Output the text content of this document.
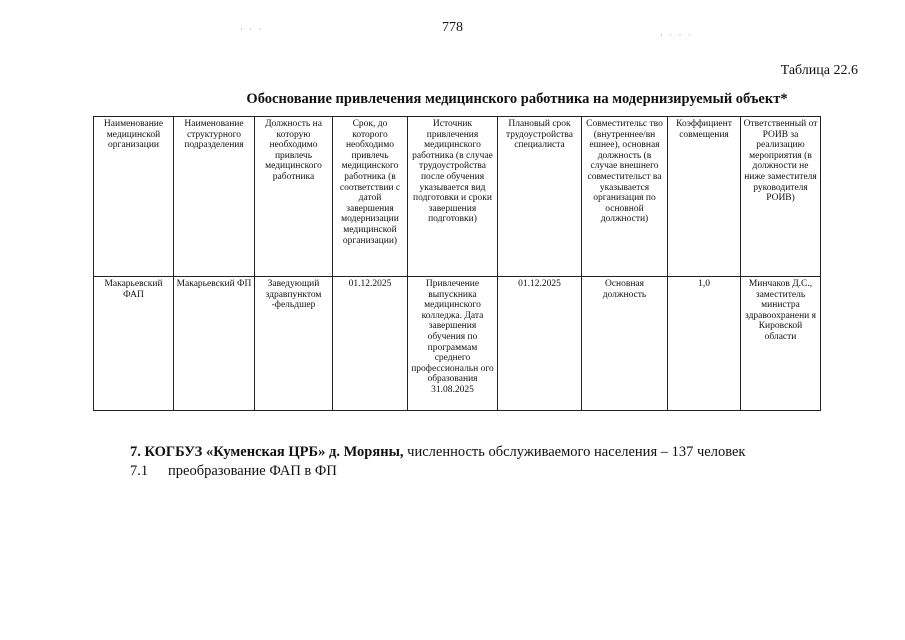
778
· · ·
· · · ·
Таблица 22.6
Обоснование привлечения медицинского работника на модернизируемый объект*
Наименование медицинской организации	Наименование структурного подразделения	Должность на которую необходимо привлечь медицинского работника	Срок, до которого необходимо привлечь медицинского работника (в соответствии с датой завершения модернизации медицинской организации)	Источник привлечения медицинского работника (в случае трудоустройства после обучения указывается вид подготовки и сроки завершения подготовки)	Плановый срок трудоустройства специалиста	Совместительс тво (внутреннее/вн ешнее), основная должность (в случае внешнего совместительст ва указывается организация по основной должности)	Коэффициент совмещения	Ответственный от РОИВ за реализацию мероприятия (в должности не ниже заместителя руководителя РОИВ)
Макарьевский ФАП	Макарьевский ФП	Заведующий здравпунктом -фельдшер	01.12.2025	Привлечение выпускника медицинского колледжа. Дата завершения обучения по программам среднего профессиональн ого образования 31.08.2025	01.12.2025	Основная должность	1,0	Минчаков Д.С., заместитель министра здравоохранени я Кировской области
7. КОГБУЗ «Куменская ЦРБ» д. Моряны, численность обслуживаемого населения – 137 человек
7.1 преобразование ФАП в ФП
